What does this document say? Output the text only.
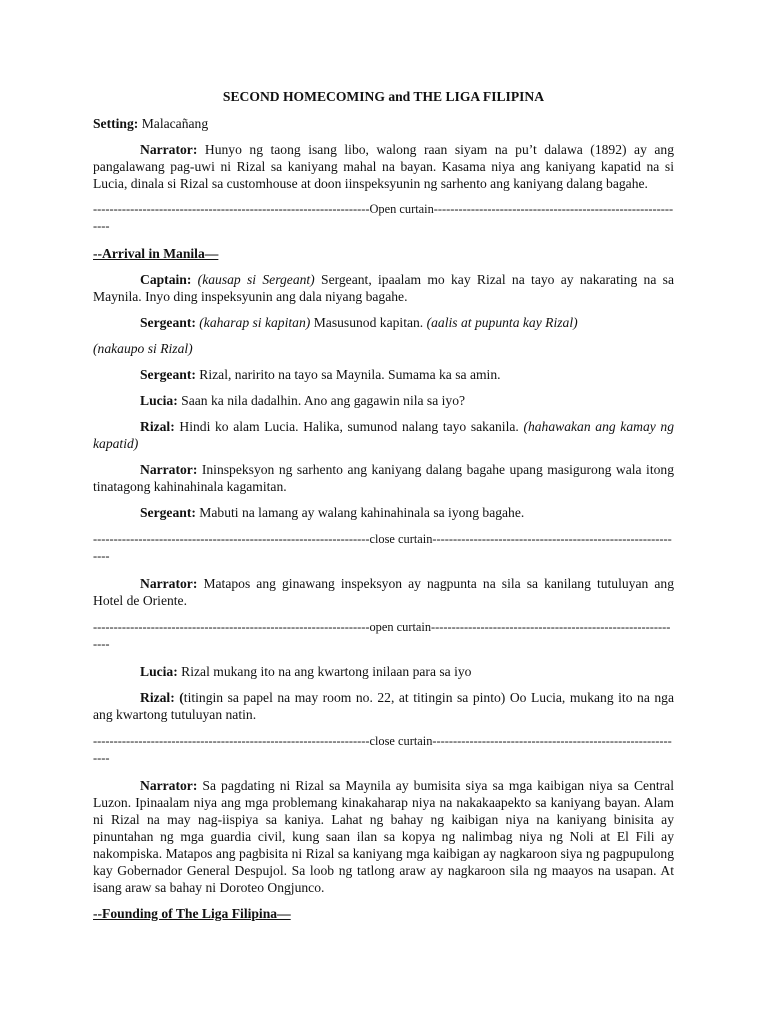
SECOND HOMECOMING and THE LIGA FILIPINA

Setting: Malacañang

Narrator: Hunyo ng taong isang libo, walong raan siyam na pu’t dalawa (1892) ay ang pangalawang pag-uwi ni Rizal sa kaniyang mahal na bayan. Kasama niya ang kaniyang kapatid na si Lucia, dinala si Rizal sa customhouse at doon iinspeksyunin ng sarhento ang kaniyang dalang bagahe.

-------------------------------------------------------------------Open curtain--------------------------------------------------------------

--Arrival in Manila—

Captain: (kausap si Sergeant) Sergeant, ipaalam mo kay Rizal na tayo ay nakarating na sa Maynila. Inyo ding inspeksyunin ang dala niyang bagahe.

Sergeant: (kaharap si kapitan) Masusunod kapitan. (aalis at pupunta kay Rizal)

(nakaupo si Rizal)

Sergeant: Rizal, naririto na tayo sa Maynila. Sumama ka sa amin.

Lucia: Saan ka nila dadalhin. Ano ang gagawin nila sa iyo?

Rizal: Hindi ko alam Lucia. Halika, sumunod nalang tayo sakanila. (hahawakan ang kamay ng kapatid)

Narrator: Ininspeksyon ng sarhento ang kaniyang dalang bagahe upang masigurong wala itong tinatagong kahinahinala kagamitan.

Sergeant: Mabuti na lamang ay walang kahinahinala sa iyong bagahe.

-------------------------------------------------------------------close curtain--------------------------------------------------------------

Narrator: Matapos ang ginawang inspeksyon ay nagpunta na sila sa kanilang tutuluyan ang Hotel de Oriente.

-------------------------------------------------------------------open curtain--------------------------------------------------------------

Lucia: Rizal mukang ito na ang kwartong inilaan para sa iyo

Rizal: (titingin sa papel na may room no. 22, at titingin sa pinto) Oo Lucia, mukang ito na nga ang kwartong tutuluyan natin.

-------------------------------------------------------------------close curtain--------------------------------------------------------------

Narrator: Sa pagdating ni Rizal sa Maynila ay bumisita siya sa mga kaibigan niya sa Central Luzon. Ipinaalam niya ang mga problemang kinakaharap niya na nakakaapekto sa kaniyang bayan. Alam ni Rizal na may nag-iispiya sa kaniya. Lahat ng bahay ng kaibigan niya na kaniyang binisita ay pinuntahan ng mga guardia civil, kung saan ilan sa kopya ng nalimbag niya ng Noli at El Fili ay nakompiska. Matapos ang pagbisita ni Rizal sa kaniyang mga kaibigan ay nagkaroon siya ng pagpupulong kay Gobernador General Despujol. Sa loob ng tatlong araw ay nagkaroon sila ng maayos na usapan. At isang araw sa bahay ni Doroteo Ongjunco.

--Founding of The Liga Filipina—
